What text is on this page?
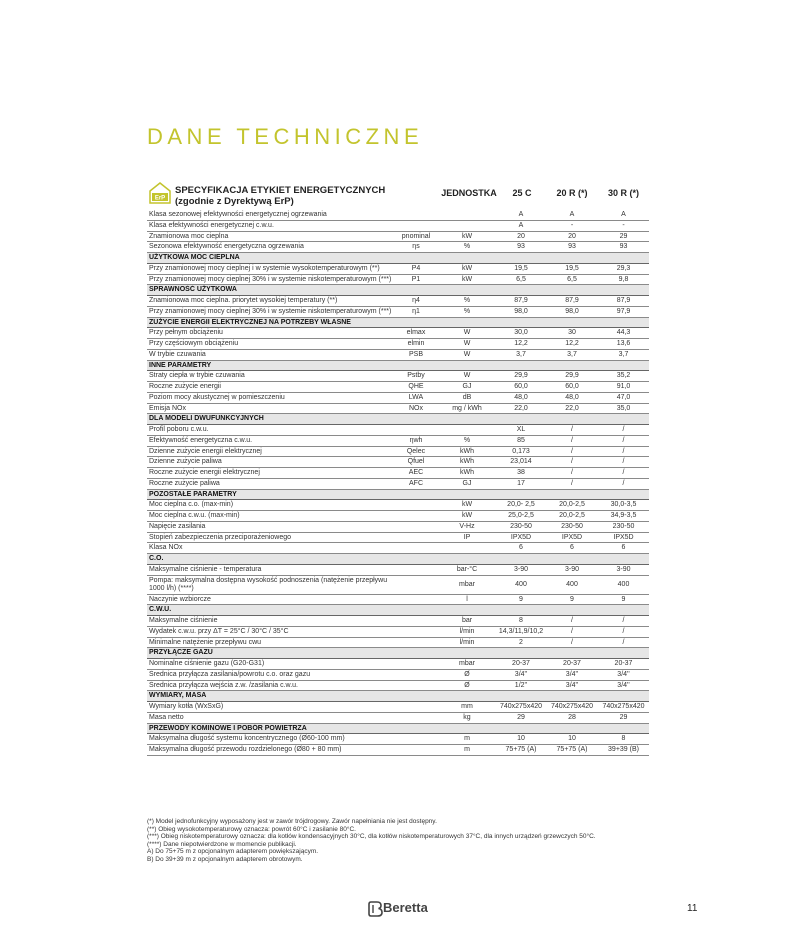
DANE TECHNICZNE
ErP
SPECYFIKACJA ETYKIET ENERGETYCZNYCH
(zgodnie z Dyrektywą ErP)
JEDNOSTKA	25 C	20 R (*)	30 R (*)
Klasa sezonowej efektywności energetycznej ogrzewania			A	A	A
Klasa efektywności energetycznej c.w.u.			A	-	-
Znamionowa moc cieplna	pnominal	kW	20	20	29
Sezonowa efektywność energetyczna ogrzewania	ηs	%	93	93	93
UŻYTKOWA MOC CIEPLNA					
Przy znamionowej mocy cieplnej i w systemie wysokotemperaturowym (**)	P4	kW	19,5	19,5	29,3
Przy znamionowej mocy cieplnej 30% i w systemie niskotemperaturowym (***)	P1	kW	6,5	6,5	9,8
SPRAWNOŚĆ UŻYTKOWA					
Znamionowa moc cieplna. priorytet wysokiej temperatury (**)	η4	%	87,9	87,9	87,9
Przy znamionowej mocy cieplnej 30% i w systemie niskotemperaturowym (***)	η1	%	98,0	98,0	97,9
ZUŻYCIE ENERGII ELEKTRYCZNEJ NA POTRZEBY WŁASNE					
Przy pełnym obciążeniu	elmax	W	30,0	30	44,3
Przy częściowym obciążeniu	elmin	W	12,2	12,2	13,6
W trybie czuwania	PSB	W	3,7	3,7	3,7
INNE PARAMETRY					
Straty ciepła w trybie czuwania	Pstby	W	29,9	29,9	35,2
Roczne zużycie energii	QHE	GJ	60,0	60,0	91,0
Poziom mocy akustycznej w pomieszczeniu	LWA	dB	48,0	48,0	47,0
Emisja NOx	NOx	mg / kWh	22,0	22,0	35,0
DLA MODELI DWUFUNKCYJNYCH					
Profil poboru c.w.u.			XL	/	/
Efektywność energetyczna c.w.u.	ηwh	%	85	/	/
Dzienne zużycie energii elektrycznej	Qelec	kWh	0,173	/	/
Dzienne zużycie paliwa	Qfuel	kWh	23,014	/	/
Roczne zużycie energii elektrycznej	AEC	kWh	38	/	/
Roczne zużycie paliwa	AFC	GJ	17	/	/
POZOSTAŁE PARAMETRY					
Moc cieplna c.o. (max-min)		kW	20,0- 2,5	20,0-2,5	30,0-3,5
Moc cieplna c.w.u. (max-min)		kW	25,0-2,5	20,0-2,5	34,9-3,5
Napięcie zasilania		V-Hz	230-50	230-50	230-50
Stopień zabezpieczenia przeciporażeniowego		IP	IPX5D	IPX5D	IPX5D
Klasa NOx			6	6	6
C.O.					
Maksymalne ciśnienie - temperatura		bar-°C	3-90	3-90	3-90
Pompa: maksymalna dostępna wysokość podnoszenia (natężenie przepływu 1000 l/h) (****)		mbar	400	400	400
Naczynie wzbiorcze		l	9	9	9
C.W.U.					
Maksymalne ciśnienie		bar	8	/	/
Wydatek c.w.u. przy ΔT = 25°C / 30°C / 35°C		l/min	14,3/11,9/10,2	/	/
Minimalne natężenie przepływu cwu		l/min	2	/	/
PRZYŁĄCZE GAZU					
Nominalne ciśnienie gazu (G20-G31)		mbar	20-37	20-37	20-37
Średnica przyłącza zasilania/powrotu c.o. oraz gazu		Ø	3/4''	3/4''	3/4''
Średnica przyłącza wejścia z.w. /zasilania c.w.u.		Ø	1/2''	3/4''	3/4''
WYMIARY, MASA					
Wymiary kotła (WxSxG)		mm	740x275x420	740x275x420	740x275x420
Masa netto		kg	29	28	29
PRZEWODY KOMINOWE I POBÓR POWIETRZA					
Maksymalna długość systemu koncentrycznego (Ø60-100 mm)		m	10	10	8
Maksymalna długość przewodu rozdzielonego (Ø80 + 80 mm)		m	75+75 (A)	75+75 (A)	39+39 (B)
(*) Model jednofunkcyjny wyposażony jest w zawór trójdrogowy. Zawór napełniania nie jest dostępny.
(**) Obieg wysokotemperaturowy oznacza: powrót 60°C i zasilanie 80°C.
(***) Obieg niskotemperaturowy oznacza: dla kotłów kondensacyjnych 30°C, dla kotłów niskotemperaturowych 37°C, dla innych urządzeń grzewczych 50°C.
(****) Dane niepotwierdzone w momencie publikacji.
A) Do 75+75 m z opcjonalnym adapterem powiększającym.
B) Do 39+39 m z opcjonalnym adapterem obrotowym.
Beretta	11
